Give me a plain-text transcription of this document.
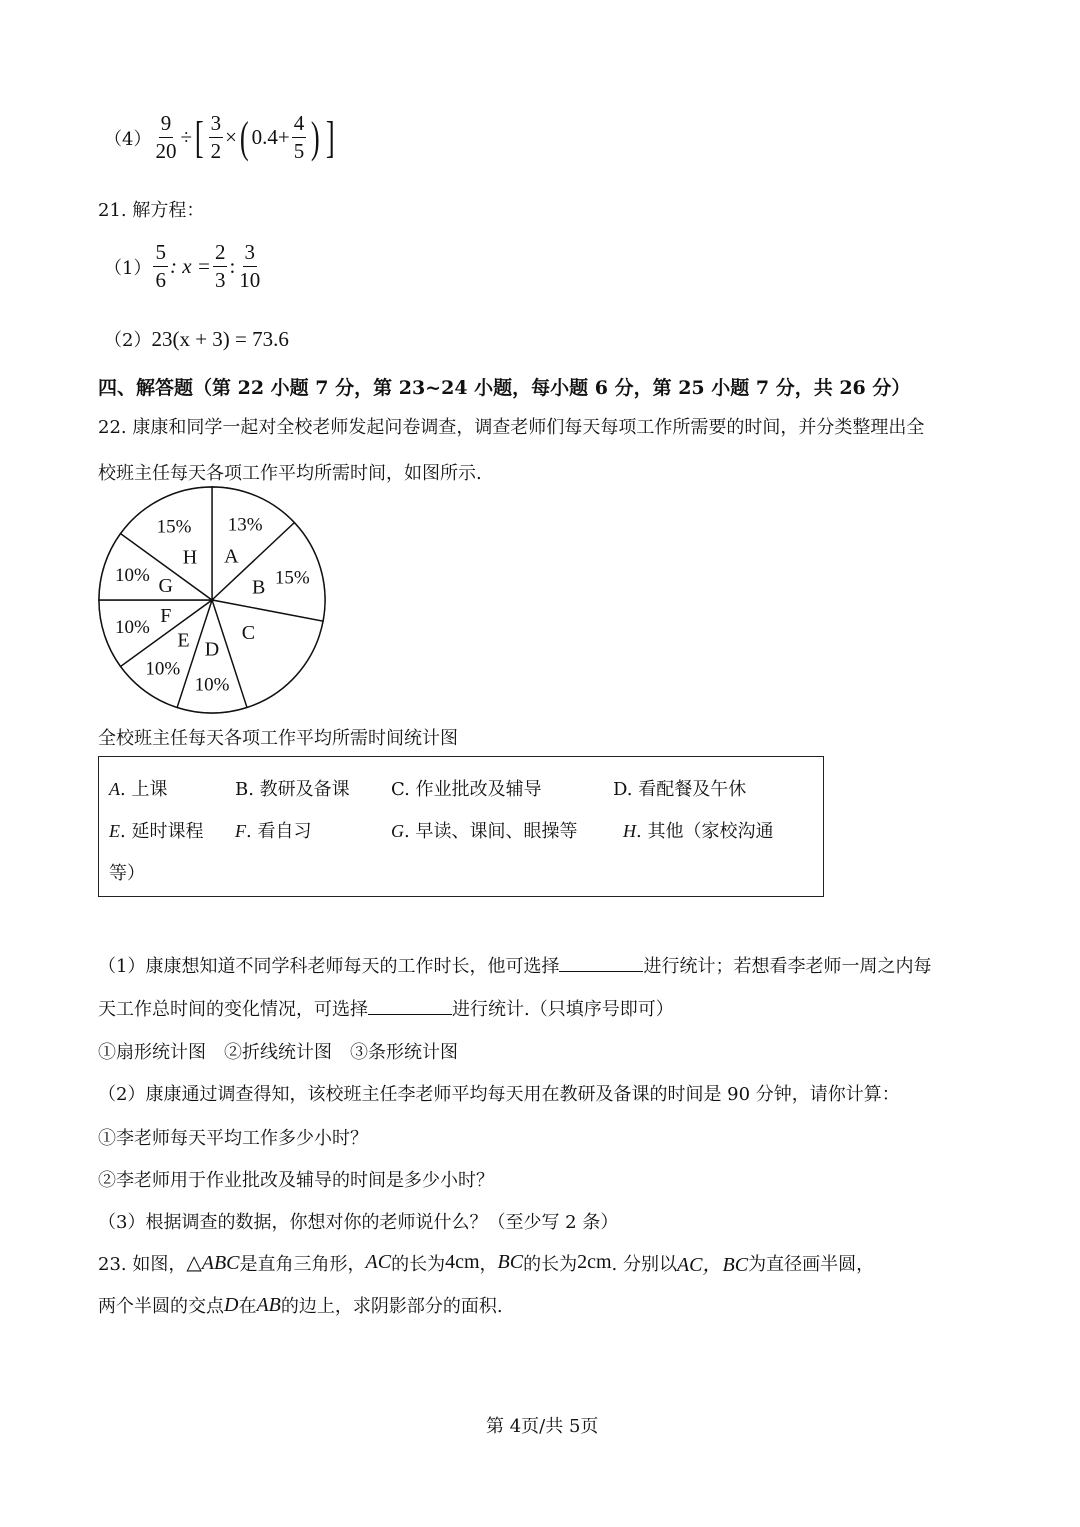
$(4) \frac{9}{20}$ ÷ [ $\frac{3}{2}$ × ( $0.4 + \frac{4}{5}$ ) ]
21. 解方程：
$(1) \frac{5}{6}$ : $x = \frac{2}{3}$ : $\frac{3}{10}$
（2） 23(x + 3) = 73.6
四、解答题（第 22 小题 7 分，第 23~24 小题，每小题 6 分，第 25 小题 7 分，共 26 分）
22. 康康和同学一起对全校老师发起问卷调查，调查老师们每天每项工作所需要的时间，并分类整理出全
校班主任每天各项工作平均所需时间，如图所示.
A
13%
B 15%
C
D
10%
E
10%
F
10%
G
10%
H
15%
全校班主任每天各项工作平均所需时间统计图
A. 上课	B. 教研及备课 C. 作业批改及辅导	D. 看配餐及午休
E. 延时课程 F. 看自习	G. 早读、课间、眼操等	H. 其他（家校沟通
等）
（1）康康想知道不同学科老师每天的工作时长，他可选择	进行统计；若想看李老师一周之内每
天工作总时间的变化情况，可选择	进行统计.（只填序号即可）
①扇形统计图　②折线统计图　③条形统计图
（2）康康通过调查得知，该校班主任李老师平均每天用在教研及备课的时间是 90 分钟，请你计算：
①李老师每天平均工作多少小时？
②李老师用于作业批改及辅导的时间是多少小时？
（3）根据调查的数据，你想对你的老师说什么？（至少写 2 条）
23. 如图， △ABC 是直角三角形， AC 的长为 4cm ， BC 的长为 2cm . 分别以 AC，BC 为直径画半圆，
两个半圆的交点 D 在 AB 的边上，求阴影部分的面积.
第 4页/共 5页
